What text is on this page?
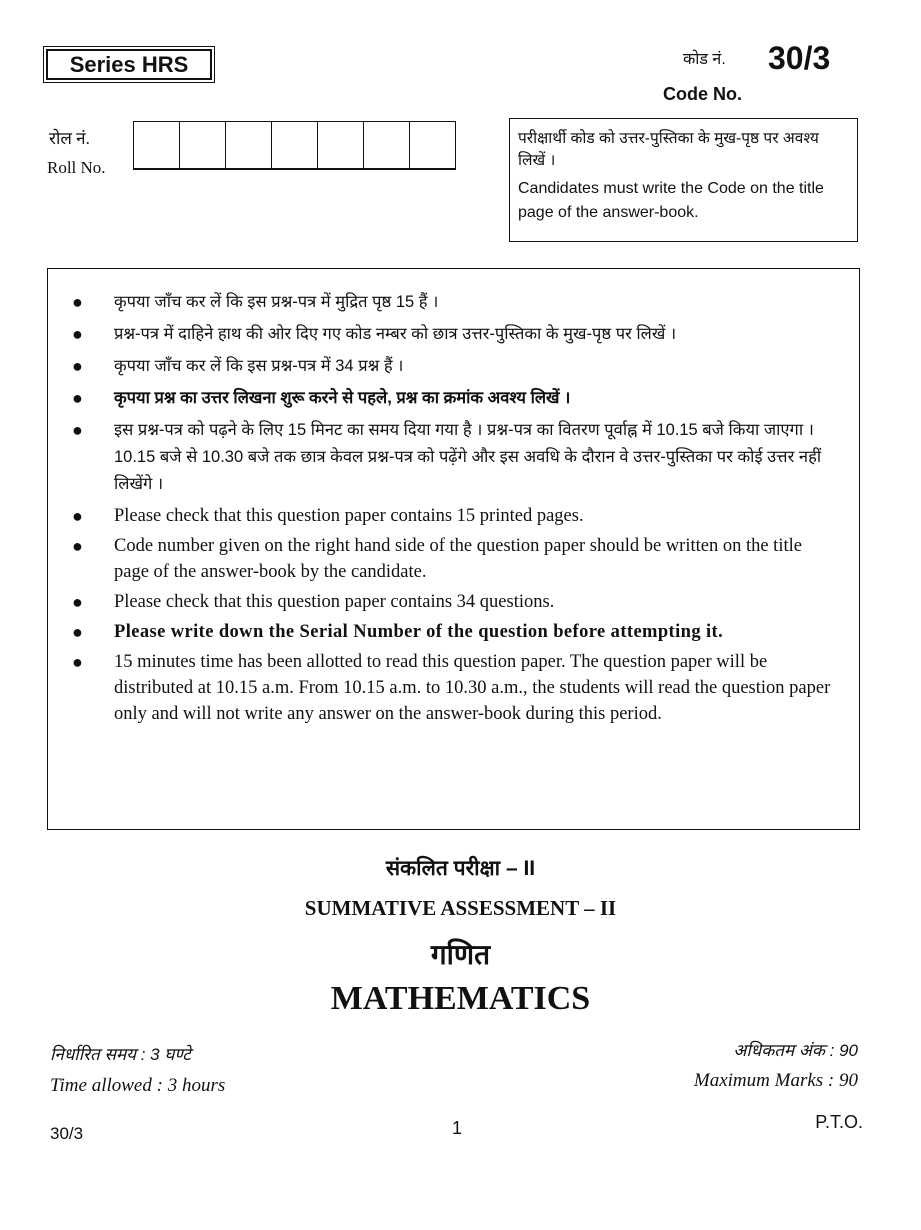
Series HRS	कोड नं. 30/3
Code No.
रोल नं.
Roll No.
परीक्षार्थी कोड को उत्तर-पुस्तिका के मुख-पृष्ठ पर अवश्य लिखें ।
Candidates must write the Code on the title page of the answer-book.
●	कृपया जाँच कर लें कि इस प्रश्न-पत्र में मुद्रित पृष्ठ 15 हैं ।
●	प्रश्न-पत्र में दाहिने हाथ की ओर दिए गए कोड नम्बर को छात्र उत्तर-पुस्तिका के मुख-पृष्ठ पर लिखें ।
●	कृपया जाँच कर लें कि इस प्रश्न-पत्र में 34 प्रश्न हैं ।
●	कृपया प्रश्न का उत्तर लिखना शुरू करने से पहले, प्रश्न का क्रमांक अवश्य लिखें ।
●	इस प्रश्न-पत्र को पढ़ने के लिए 15 मिनट का समय दिया गया है । प्रश्न-पत्र का वितरण पूर्वाह्न में 10.15 बजे किया जाएगा । 10.15 बजे से 10.30 बजे तक छात्र केवल प्रश्न-पत्र को पढ़ेंगे और इस अवधि के दौरान वे उत्तर-पुस्तिका पर कोई उत्तर नहीं लिखेंगे ।
●	Please check that this question paper contains 15 printed pages.
●	Code number given on the right hand side of the question paper should be written on the title page of the answer-book by the candidate.
●	Please check that this question paper contains 34 questions.
●	Please write down the Serial Number of the question before attempting it.
●	15 minutes time has been allotted to read this question paper. The question paper will be distributed at 10.15 a.m. From 10.15 a.m. to 10.30 a.m., the students will read the question paper only and will not write any answer on the answer-book during this period.
संकलित परीक्षा – II
SUMMATIVE ASSESSMENT – II
गणित
MATHEMATICS
निर्धारित समय : 3 घण्टे
Time allowed : 3 hours
अधिकतम अंक : 90
Maximum Marks : 90
30/3	1	P.T.O.
